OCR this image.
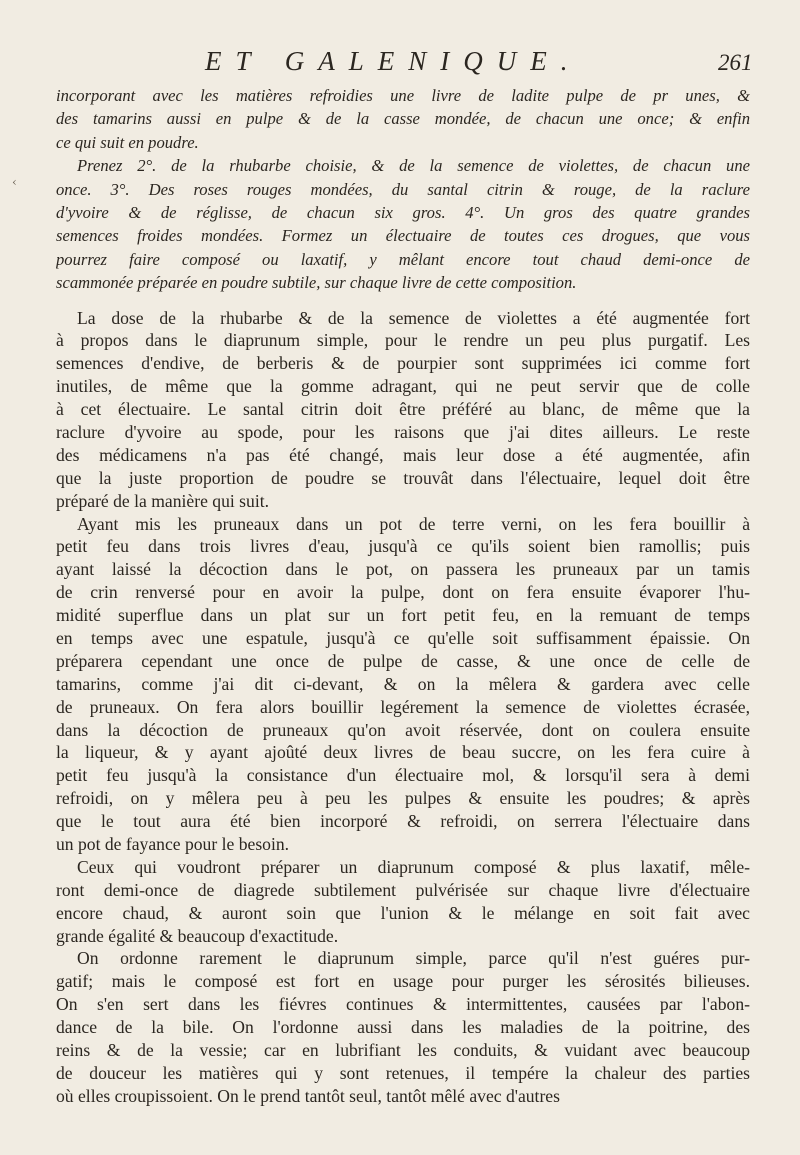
ET GALENIQUE.	261
‹
incorporant avec les matières refroidies une livre de ladite pulpe de pr unes, &
des tamarins aussi en pulpe & de la casse mondée, de chacun une once; & enfin
ce qui suit en poudre.
Prenez 2°. de la rhubarbe choisie, & de la semence de violettes, de chacun une
once. 3°. Des roses rouges mondées, du santal citrin & rouge, de la raclure
d'yvoire & de réglisse, de chacun six gros. 4°. Un gros des quatre grandes
semences froides mondées. Formez un électuaire de toutes ces drogues, que vous
pourrez faire composé ou laxatif, y mêlant encore tout chaud demi-once de
scammonée préparée en poudre subtile, sur chaque livre de cette composition.
La dose de la rhubarbe & de la semence de violettes a été augmentée fort
à propos dans le diaprunum simple, pour le rendre un peu plus purgatif. Les
semences d'endive, de berberis & de pourpier sont supprimées ici comme fort
inutiles, de même que la gomme adragant, qui ne peut servir que de colle
à cet électuaire. Le santal citrin doit être préféré au blanc, de même que la
raclure d'yvoire au spode, pour les raisons que j'ai dites ailleurs. Le reste
des médicamens n'a pas été changé, mais leur dose a été augmentée, afin
que la juste proportion de poudre se trouvât dans l'électuaire, lequel doit être
préparé de la manière qui suit.
Ayant mis les pruneaux dans un pot de terre verni, on les fera bouillir à
petit feu dans trois livres d'eau, jusqu'à ce qu'ils soient bien ramollis; puis
ayant laissé la décoction dans le pot, on passera les pruneaux par un tamis
de crin renversé pour en avoir la pulpe, dont on fera ensuite évaporer l'hu-
midité superflue dans un plat sur un fort petit feu, en la remuant de temps
en temps avec une espatule, jusqu'à ce qu'elle soit suffisamment épaissie. On
préparera cependant une once de pulpe de casse, & une once de celle de
tamarins, comme j'ai dit ci-devant, & on la mêlera & gardera avec celle
de pruneaux. On fera alors bouillir legérement la semence de violettes écrasée,
dans la décoction de pruneaux qu'on avoit réservée, dont on coulera ensuite
la liqueur, & y ayant ajoûté deux livres de beau succre, on les fera cuire à
petit feu jusqu'à la consistance d'un électuaire mol, & lorsqu'il sera à demi
refroidi, on y mêlera peu à peu les pulpes & ensuite les poudres; & après
que le tout aura été bien incorporé & refroidi, on serrera l'électuaire dans
un pot de fayance pour le besoin.
Ceux qui voudront préparer un diaprunum composé & plus laxatif, mêle-
ront demi-once de diagrede subtilement pulvérisée sur chaque livre d'électuaire
encore chaud, & auront soin que l'union & le mélange en soit fait avec
grande égalité & beaucoup d'exactitude.
On ordonne rarement le diaprunum simple, parce qu'il n'est guéres pur-
gatif; mais le composé est fort en usage pour purger les sérosités bilieuses.
On s'en sert dans les fiévres continues & intermittentes, causées par l'abon-
dance de la bile. On l'ordonne aussi dans les maladies de la poitrine, des
reins & de la vessie; car en lubrifiant les conduits, & vuidant avec beaucoup
de douceur les matières qui y sont retenues, il tempére la chaleur des parties
où elles croupissoient. On le prend tantôt seul, tantôt mêlé avec d'autres
